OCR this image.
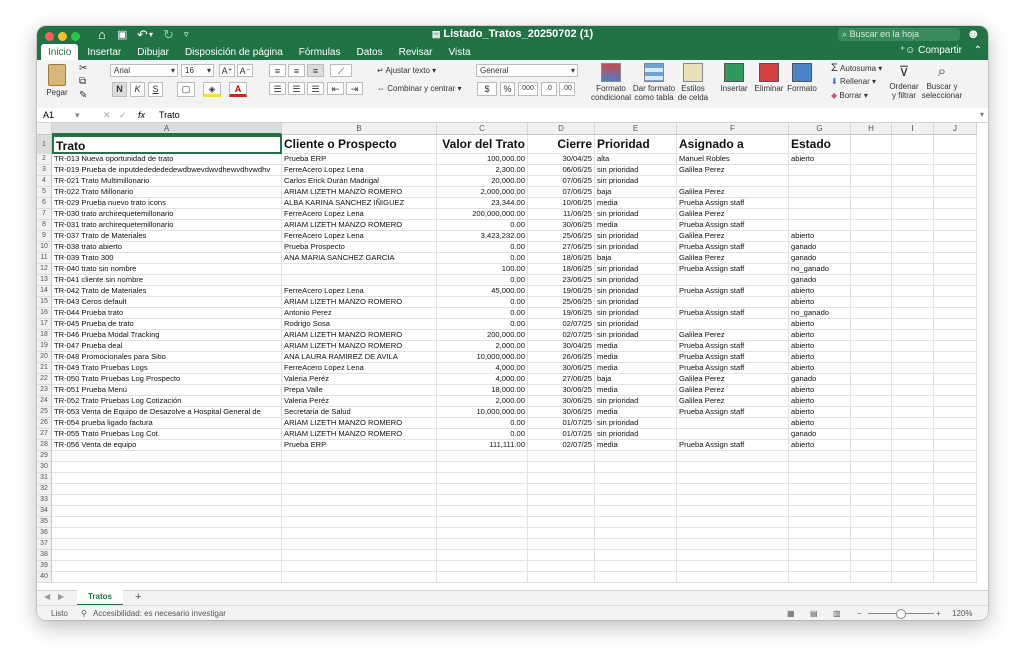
⌂ ▣ ↶ ▾ ↻ ▿	▤ Listado_Tratos_20250702 (1)	⌕ Buscar en la hoja	☻
Inicio Insertar Dibujar Disposición de página Fórmulas Datos Revisar Vista	⁺☺ Compartir ⌃
Pegar
✂
⧉
✎
Arial	▾	16 ▾ A⁺ A⁻
N	K	S	▢	◈	A
≡	≡	≡	⟋
☰	☰	☰	⇤	⇥
↵ Ajustar texto ▾
⇔ Combinar y centrar ▾
General	▾
$	%	000	.0	.00	Formato
condicional
Dar formato
como tabla
Estilos
de celda
Insertar Eliminar Formato
Σ Autosuma ▾
⬇ Rellenar ▾
◆ Borrar ▾
⊽
Ordenar
y filtrar
⌕
Buscar y
seleccionar
A1 ▾	✕ ✓ fx Trato	▾
A	B	C	D	E	F	G	H	I	J
1
2
3
4
5
6
7
8
9
10
11
12
13
14
15
16
17
18
19
20
21
22
23
24
25
26
27
28
29
30
31
32
33
34
35
36
37
38
39
40
Trato	Cliente o Prospecto	Valor del Trato	Cierre Prioridad	Asignado a	Estado
TR-013 Nueva oportunidad de trato	Prueba ERP	100,000.00	30/04/25 alta	Manuel Robles	abierto
TR-019 Prueba de inputdededededewdbwevdwvdhewvdhvwdhv	FerreAcero Lopez Lena	2,300.00	06/06/25 sin prioridad	Galilea Perez
TR-021 Trato Multimillonario	Carlos Erick Durán Madrigal	20,000.00	07/06/25 sin prioridad
TR-022 Trato Millonario	ARIAM LIZETH MANZO ROMERO	2,000,000.00	07/06/25 baja	Galilea Perez
TR-029 Prueba nuevo trato icons	ALBA KARINA SANCHEZ IÑIGUEZ	23,344.00	10/06/25 media	Prueba Assign staff
TR-030 trato archirequetemillonario	FerreAcero Lopez Lena	200,000,000.00	11/06/25 sin prioridad	Galilea Perez
TR-031 trato archirequetemillonario	ARIAM LIZETH MANZO ROMERO	0.00	30/06/25 media	Prueba Assign staff
TR-037 Trato de Materiales	FerreAcero Lopez Lena	3,423,232.00	25/06/25 sin prioridad	Galilea Perez	abierto
TR-038 trato abierto	Prueba Prospecto	0.00	27/06/25 sin prioridad	Prueba Assign staff	ganado
TR-039 Trato 300	ANA MARIA SANCHEZ GARCIA	0.00	18/06/25 baja	Galilea Perez	ganado
TR-040 trato sin nombre	100.00	18/06/25 sin prioridad	Prueba Assign staff	no_ganado
TR-041 cliente sin nombre	0.00	23/06/25 sin prioridad	ganado
TR-042 Trato de Materiales	FerreAcero Lopez Lena	45,000.00	19/06/25 sin prioridad	Prueba Assign staff	abierto
TR-043 Ceros default	ARIAM LIZETH MANZO ROMERO	0.00	25/06/25 sin prioridad	abierto
TR-044 Prueba trato	Antonio Perez	0.00	19/06/25 sin prioridad	Prueba Assign staff	no_ganado
TR-045 Prueba de trato	Rodrigo Sosa	0.00	02/07/25 sin prioridad	abierto
TR-046 Prueba Modal Tracking	ARIAM LIZETH MANZO ROMERO	200,000.00	02/07/25 sin prioridad	Galilea Perez	abierto
TR-047 Prueba deal	ARIAM LIZETH MANZO ROMERO	2,000.00	30/04/25 media	Prueba Assign staff	abierto
TR-048 Promocionales para Sitio	ANA LAURA RAMIREZ DE AVILA	10,000,000.00	26/06/25 media	Prueba Assign staff	abierto
TR-049 Trato Pruebas Logs	FerreAcero Lopez Lena	4,000.00	30/06/25 media	Prueba Assign staff	abierto
TR-050 Trato Pruebas Log Prospecto	Valeria Peréz	4,000.00	27/06/25 baja	Galilea Perez	ganado
TR-051 Prueba Menú	Prepa Valle	18,000.00	30/06/25 media	Galilea Perez	abierto
TR-052 Trato Pruebas Log Cotización	Valeria Peréz	2,000.00	30/06/25 sin prioridad	Galilea Perez	abierto
TR-053 Venta de Equipo de Desazolve a Hospital General de	Secretaria de Salud	10,000,000.00	30/06/25 media	Prueba Assign staff	abierto
TR-054 prueba ligado factura	ARIAM LIZETH MANZO ROMERO	0.00	01/07/25 sin prioridad	abierto
TR-055 Trato Pruebas Log Cot.	ARIAM LIZETH MANZO ROMERO	0.00	01/07/25 sin prioridad	ganado
TR-056 Venta de equipo	Prueba ERP	111,111.00	02/07/25 media	Prueba Assign staff	abierto
◀ ▶	Tratos	+
Listo ⚲ Accesibilidad: es necesario investigar	▦ ▤ ▥ −	+ 120%
